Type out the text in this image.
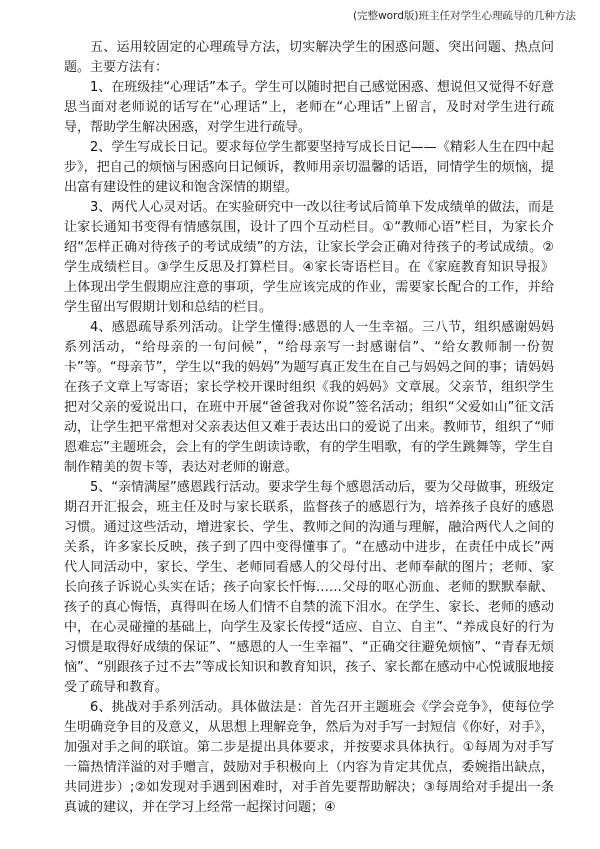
(完整word版)班主任对学生心理疏导的几种方法

五、运用较固定的心理疏导方法，切实解决学生的困惑问题、突出问题、热点问题。主要方法有：

1、在班级挂“心理话”本子。学生可以随时把自己感觉困惑、想说但又觉得不好意思当面对老师说的话写在“心理话”上，老师在“心理话”上留言，及时对学生进行疏导，帮助学生解决困惑，对学生进行疏导。

2、学生写成长日记。要求每位学生都要坚持写成长日记——《精彩人生在四中起步》，把自己的烦恼与困惑向日记倾诉，教师用亲切温馨的话语，同情学生的烦恼，提出富有建设性的建议和饱含深情的期望。

3、两代人心灵对话。在实验研究中一改以往考试后简单下发成绩单的做法，而是让家长通知书变得有情感氛围，设计了四个互动栏目。①“教师心语”栏目，为家长介绍“怎样正确对待孩子的考试成绩”的方法，让家长学会正确对待孩子的考试成绩。②学生成绩栏目。③学生反思及打算栏目。④家长寄语栏目。在《家庭教育知识导报》上体现出学生假期应注意的事项，学生应该完成的作业，需要家长配合的工作，并给学生留出写假期计划和总结的栏目。

4、感恩疏导系列活动。让学生懂得:感恩的人一生幸福。三八节，组织感谢妈妈系列活动，“给母亲的一句问候”，“给母亲写一封感谢信”、“给女教师制一份贺卡”等。“母亲节”，学生以“我的妈妈”为题写真正发生在自己与妈妈之间的事；请妈妈在孩子文章上写寄语；家长学校开课时组织《我的妈妈》文章展。父亲节，组织学生把对父亲的爱说出口，在班中开展“爸爸我对你说”签名活动；组织“父爱如山”征文活动，让学生把平常想对父亲表达但又难于表达出口的爱说了出来。教师节，组织了“师恩难忘”主题班会，会上有的学生朗读诗歌，有的学生唱歌，有的学生跳舞等，学生自制作精美的贺卡等，表达对老师的谢意。

5、“亲情满屋”感恩践行活动。要求学生每个感恩活动后，要为父母做事，班级定期召开汇报会，班主任及时与家长联系，监督孩子的感恩行为，培养孩子良好的感恩习惯。通过这些活动，增进家长、学生、教师之间的沟通与理解，融洽两代人之间的关系，许多家长反映，孩子到了四中变得懂事了。“在感动中进步，在责任中成长”两代人同活动中，家长、学生、老师同看感人的父母付出、老师奉献的图片；老师、家长向孩子诉说心头实在话；孩子向家长忏悔……父母的呕心沥血、老师的默默奉献、孩子的真心悔悟，真得叫在场人们情不自禁的流下泪水。在学生、家长、老师的感动中，在心灵碰撞的基础上，向学生及家长传授“适应、自立、自主”、“养成良好的行为习惯是取得好成绩的保证”、“感恩的人一生幸福”、“正确交往避免烦恼”、“青春无烦恼”、“别跟孩子过不去”等成长知识和教育知识，孩子、家长都在感动中心悦诚服地接受了疏导和教育。

6、挑战对手系列活动。具体做法是：首先召开主题班会《学会竞争》，使每位学生明确竞争目的及意义，从思想上理解竞争，然后为对手写一封短信《你好，对手》，加强对手之间的联谊。第二步是提出具体要求，并按要求具体执行。①每周为对手写一篇热情洋溢的对手赠言，鼓励对手积极向上（内容为肯定其优点，委婉指出缺点，共同进步）;②如发现对手遇到困难时，对手首先要帮助解决；③每周给对手提出一条真诚的建议，并在学习上经常一起探讨问题；④
